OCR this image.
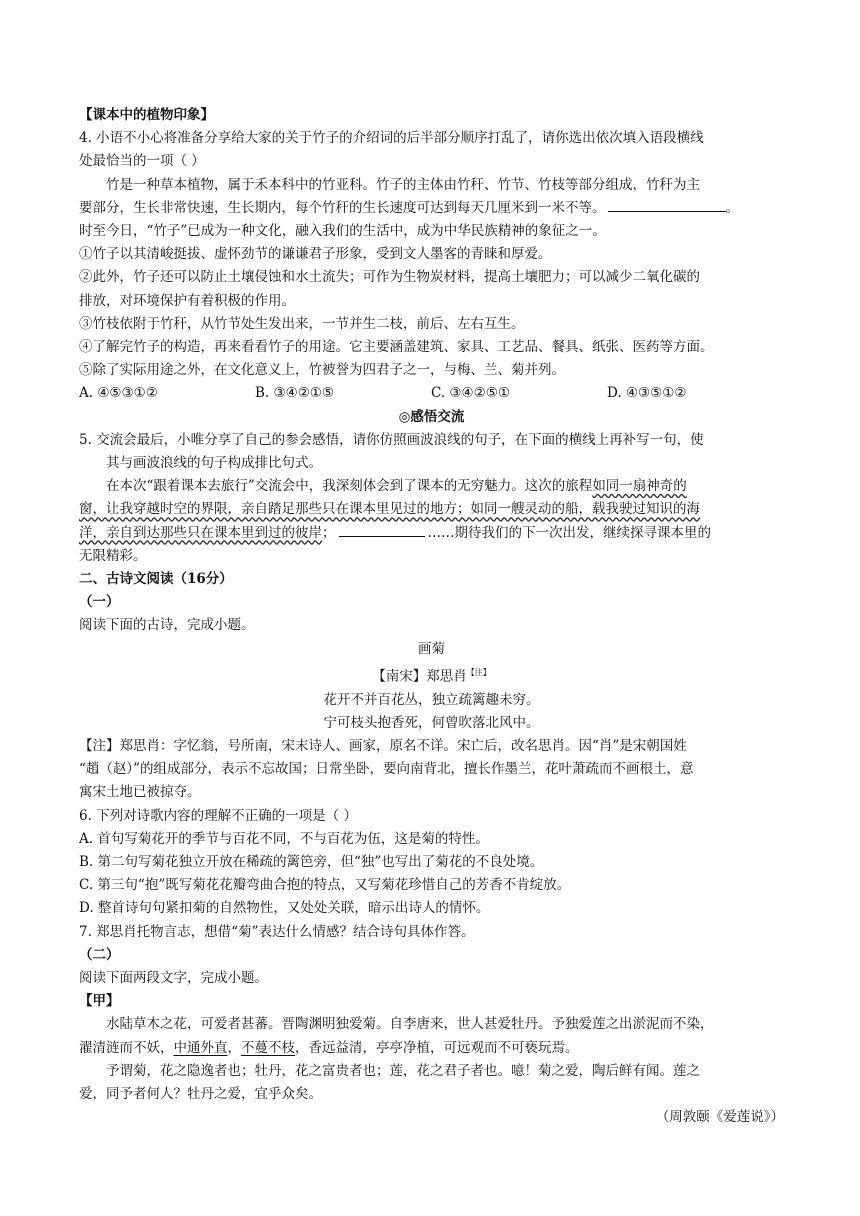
【课本中的植物印象】
4. 小语不小心将准备分享给大家的关于竹子的介绍词的后半部分顺序打乱了，请你选出依次填入语段横线
处最恰当的一项（ ）
竹是一种草本植物，属于禾本科中的竹亚科。竹子的主体由竹秆、竹节、竹枝等部分组成，竹秆为主
要部分，生长非常快速，生长期内，每个竹秆的生长速度可达到每天几厘米到一米不等。	。
时至今日，“竹子”已成为一种文化，融入我们的生活中，成为中华民族精神的象征之一。
①竹子以其清峻挺拔、虚怀劲节的谦谦君子形象，受到文人墨客的青睐和厚爱。
②此外，竹子还可以防止土壤侵蚀和水土流失；可作为生物炭材料，提高土壤肥力；可以减少二氧化碳的
排放，对环境保护有着积极的作用。
③竹枝依附于竹秆，从竹节处生发出来，一节并生二枝，前后、左右互生。
④了解完竹子的构造，再来看看竹子的用途。它主要涵盖建筑、家具、工艺品、餐具、纸张、医药等方面。
⑤除了实际用途之外，在文化意义上，竹被誉为四君子之一，与梅、兰、菊并列。
A. ④⑤③①②	B. ③④②①⑤	C. ③④②⑤①	D. ④③⑤①②
◎感悟交流
5. 交流会最后，小唯分享了自己的参会感悟，请你仿照画波浪线的句子，在下面的横线上再补写一句，使
其与画波浪线的句子构成排比句式。
在本次“跟着课本去旅行”交流会中，我深刻体会到了课本的无穷魅力。这次的旅程如同一扇神奇的
窗，让我穿越时空的界限，亲自踏足那些只在课本里见过的地方；如同一艘灵动的船，载我驶过知识的海
洋，亲自到达那些只在课本里到过的彼岸；	……期待我们的下一次出发，继续探寻课本里的
无限精彩。
二、古诗文阅读（16分）
（一）
阅读下面的古诗，完成小题。
画菊
【南宋】郑思肖$^{【注】}$
花开不并百花丛，独立疏篱趣未穷。
宁可枝头抱香死，何曾吹落北风中。
【注】郑思肖：字忆翁，号所南，宋末诗人、画家，原名不详。宋亡后，改名思肖。因“肖”是宋朝国姓
“趙（赵）”的组成部分，表示不忘故国；日常坐卧，要向南背北，擅长作墨兰，花叶萧疏而不画根土，意
寓宋土地已被掠夺。
6. 下列对诗歌内容的理解不正确的一项是（ ）
A. 首句写菊花开的季节与百花不同，不与百花为伍，这是菊的特性。
B. 第二句写菊花独立开放在稀疏的篱笆旁，但“独”也写出了菊花的不良处境。
C. 第三句“抱”既写菊花花瓣弯曲合抱的特点，又写菊花珍惜自己的芳香不肯绽放。
D. 整首诗句句紧扣菊的自然物性，又处处关联，暗示出诗人的情怀。
7. 郑思肖托物言志，想借“菊”表达什么情感？结合诗句具体作答。
（二）
阅读下面两段文字，完成小题。
【甲】
水陆草木之花，可爱者甚蕃。晋陶渊明独爱菊。自李唐来，世人甚爱牡丹。予独爱莲之出淤泥而不染，
濯清涟而不妖，中通外直，不蔓不枝，香远益清，亭亭净植，可远观而不可亵玩焉。
予谓菊，花之隐逸者也；牡丹，花之富贵者也；莲，花之君子者也。噫！菊之爱，陶后鲜有闻。莲之
爱，同予者何人？牡丹之爱，宜乎众矣。
（周敦颐《爱莲说》）
